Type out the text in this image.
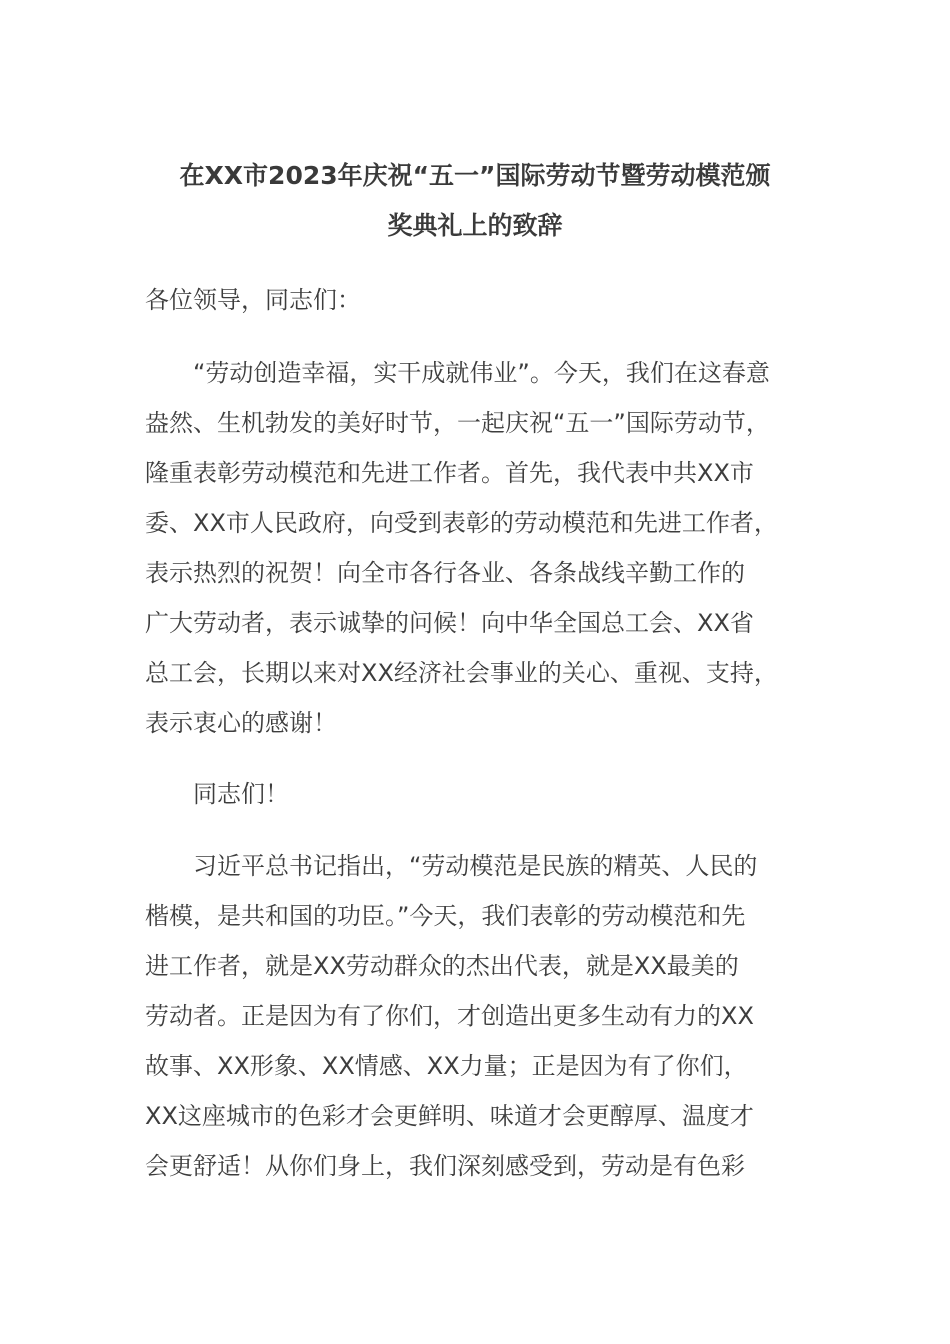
在XX市2023年庆祝“五一”国际劳动节暨劳动模范颁
奖典礼上的致辞
各位领导，同志们：
“劳动创造幸福，实干成就伟业”。今天，我们在这春意
盎然、生机勃发的美好时节，一起庆祝“五一”国际劳动节，
隆重表彰劳动模范和先进工作者。首先，我代表中共XX市
委、XX市人民政府，向受到表彰的劳动模范和先进工作者，
表示热烈的祝贺！向全市各行各业、各条战线辛勤工作的
广大劳动者，表示诚挚的问候！向中华全国总工会、XX省
总工会，长期以来对XX经济社会事业的关心、重视、支持，
表示衷心的感谢！
同志们！
习近平总书记指出，“劳动模范是民族的精英、人民的
楷模，是共和国的功臣。”今天，我们表彰的劳动模范和先
进工作者，就是XX劳动群众的杰出代表，就是XX最美的
劳动者。正是因为有了你们，才创造出更多生动有力的XX
故事、XX形象、XX情感、XX力量；正是因为有了你们，
XX这座城市的色彩才会更鲜明、味道才会更醇厚、温度才
会更舒适！从你们身上，我们深刻感受到，劳动是有色彩
